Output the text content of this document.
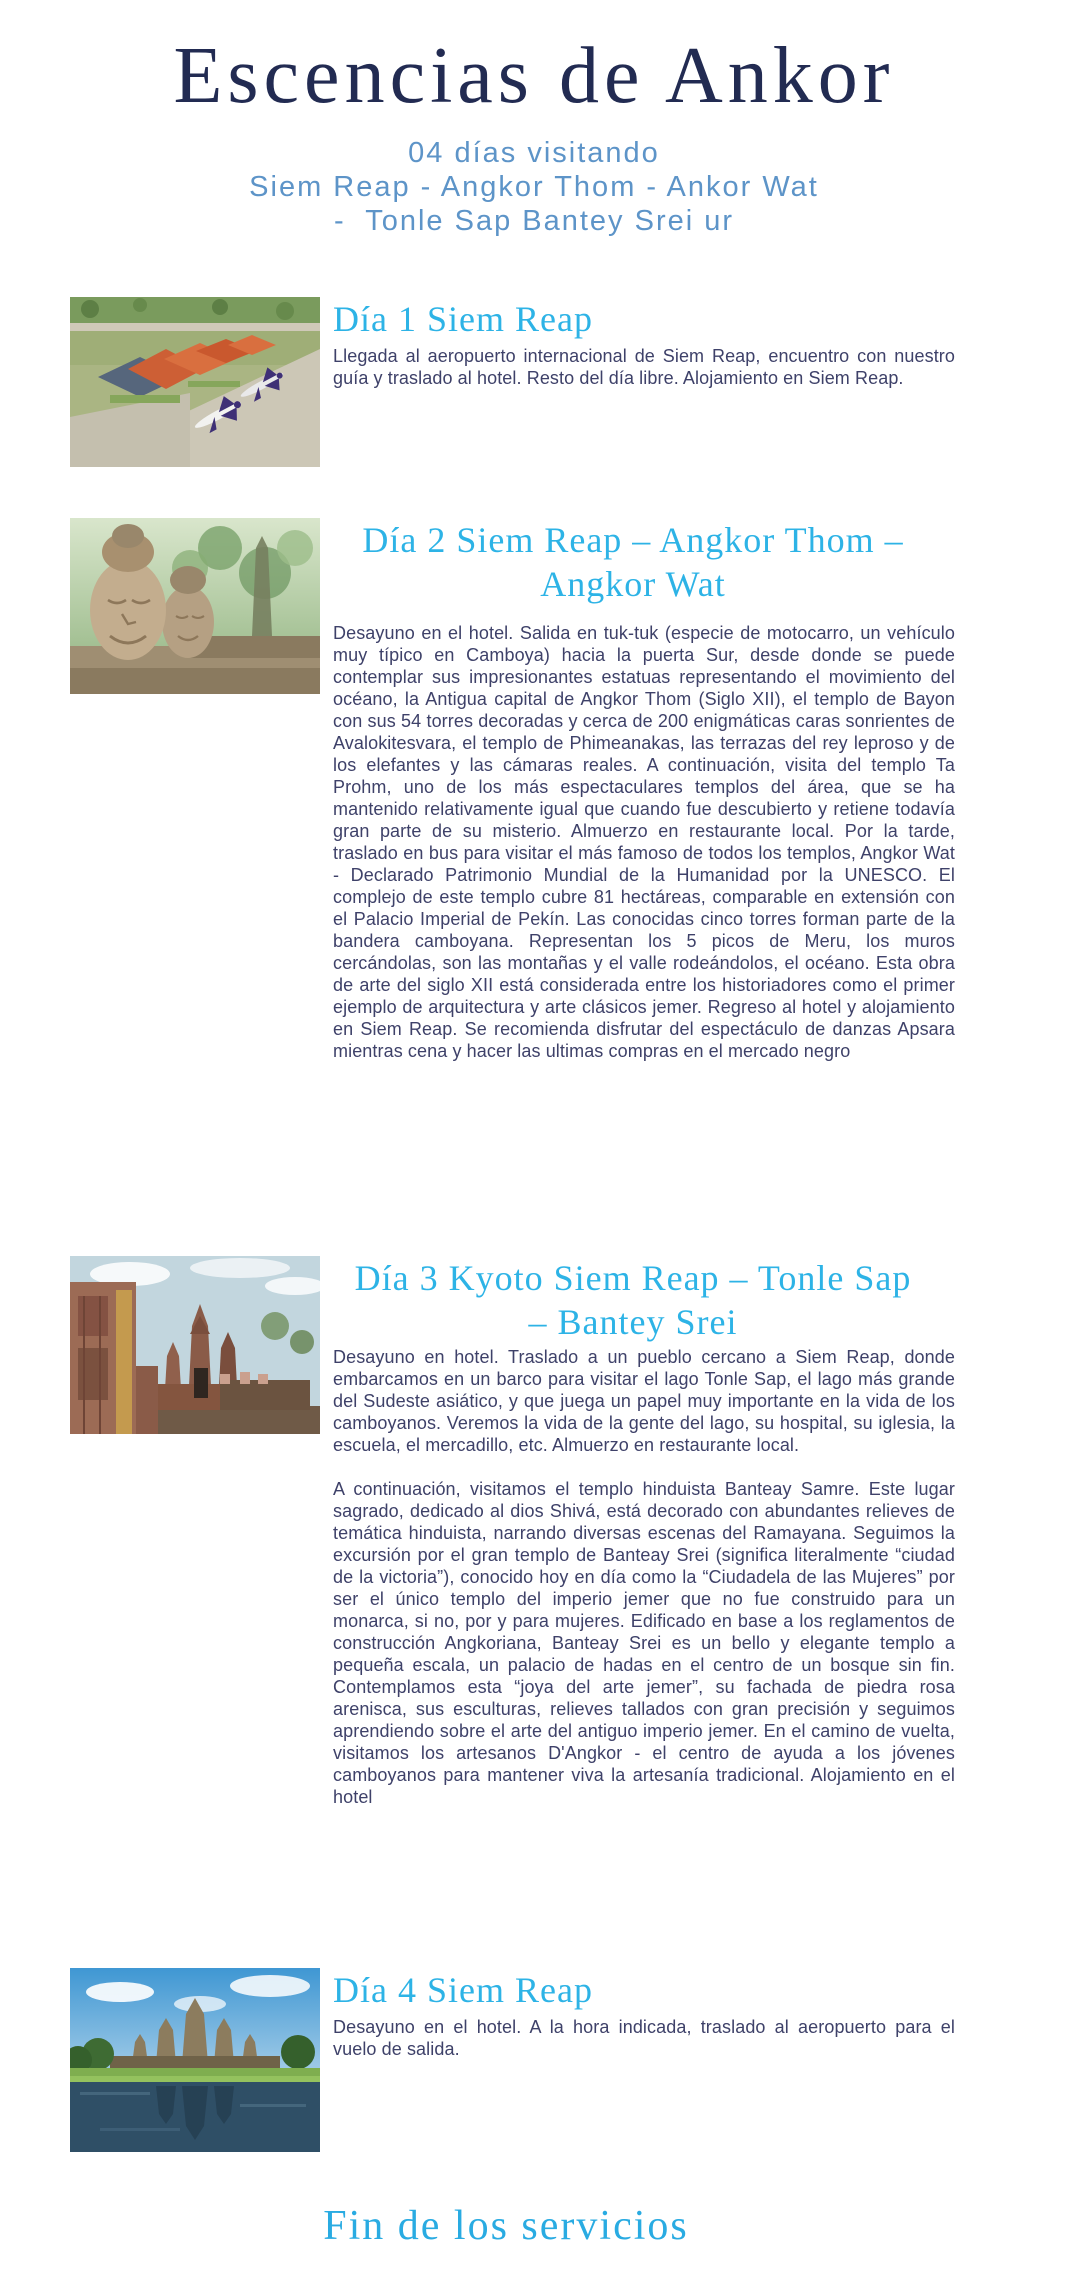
Escencias de Ankor
04 días visitando
Siem Reap - Angkor Thom - Ankor Wat
-  Tonle Sap Bantey Srei ur
Día 1 Siem Reap

Llegada al aeropuerto internacional de Siem Reap, encuentro con nuestro guía y traslado al hotel. Resto del día libre. Alojamiento en Siem Reap.

Día 2 Siem Reap – Angkor Thom –
Angkor Wat

Desayuno en el hotel. Salida en tuk-tuk (especie de motocarro, un vehículo muy típico en Camboya) hacia la puerta Sur, desde donde se puede contemplar sus impresionantes estatuas representando el movimiento del océano, la Antigua capital de Angkor Thom (Siglo XII), el templo de Bayon con sus 54 torres decoradas y cerca de 200 enigmáticas caras sonrientes de Avalokitesvara, el templo de Phimeanakas, las terrazas del rey leproso y de los elefantes y las cámaras reales. A continuación, visita del templo Ta Prohm, uno de los más espectaculares templos del área, que se ha mantenido relativamente igual que cuando fue descubierto y retiene todavía gran parte de su misterio. Almuerzo en restaurante local. Por la tarde, traslado en bus para visitar el más famoso de todos los templos, Angkor Wat - Declarado Patrimonio Mundial de la Humanidad por la UNESCO. El complejo de este templo cubre 81 hectáreas, comparable en extensión con el Palacio Imperial de Pekín. Las conocidas cinco torres forman parte de la bandera camboyana. Representan los 5 picos de Meru, los muros cercándolas, son las montañas y el valle rodeándolos, el océano. Esta obra de arte del siglo XII está considerada entre los historiadores como el primer ejemplo de arquitectura y arte clásicos jemer. Regreso al hotel y alojamiento en Siem Reap. Se recomienda disfrutar del espectáculo de danzas Apsara mientras cena y hacer las ultimas compras en el mercado negro

Día 3 Kyoto Siem Reap – Tonle Sap
– Bantey Srei

Desayuno en hotel. Traslado a un pueblo cercano a Siem Reap, donde embarcamos en un barco para visitar el lago Tonle Sap, el lago más grande del Sudeste asiático, y que juega un papel muy importante en la vida de los camboyanos. Veremos la vida de la gente del lago, su hospital, su iglesia, la escuela, el mercadillo, etc. Almuerzo en restaurante local.

A continuación, visitamos el templo hinduista Banteay Samre. Este lugar sagrado, dedicado al dios Shivá, está decorado con abundantes relieves de temática hinduista, narrando diversas escenas del Ramayana. Seguimos la excursión por el gran templo de Banteay Srei (significa literalmente “ciudad de la victoria”), conocido hoy en día como la “Ciudadela de las Mujeres” por ser el único templo del imperio jemer que no fue construido para un monarca, si no, por y para mujeres. Edificado en base a los reglamentos de construcción Angkoriana, Banteay Srei es un bello y elegante templo a pequeña escala, un palacio de hadas en el centro de un bosque sin fin. Contemplamos esta “joya del arte jemer”, su fachada de piedra rosa arenisca, sus esculturas, relieves tallados con gran precisión y seguimos aprendiendo sobre el arte del antiguo imperio jemer. En el camino de vuelta, visitamos los artesanos D'Angkor - el centro de ayuda a los jóvenes camboyanos para mantener viva la artesanía tradicional. Alojamiento en el hotel

Día 4 Siem Reap

Desayuno en el hotel. A la hora indicada, traslado al aeropuerto para el vuelo de salida.

Fin de los servicios
